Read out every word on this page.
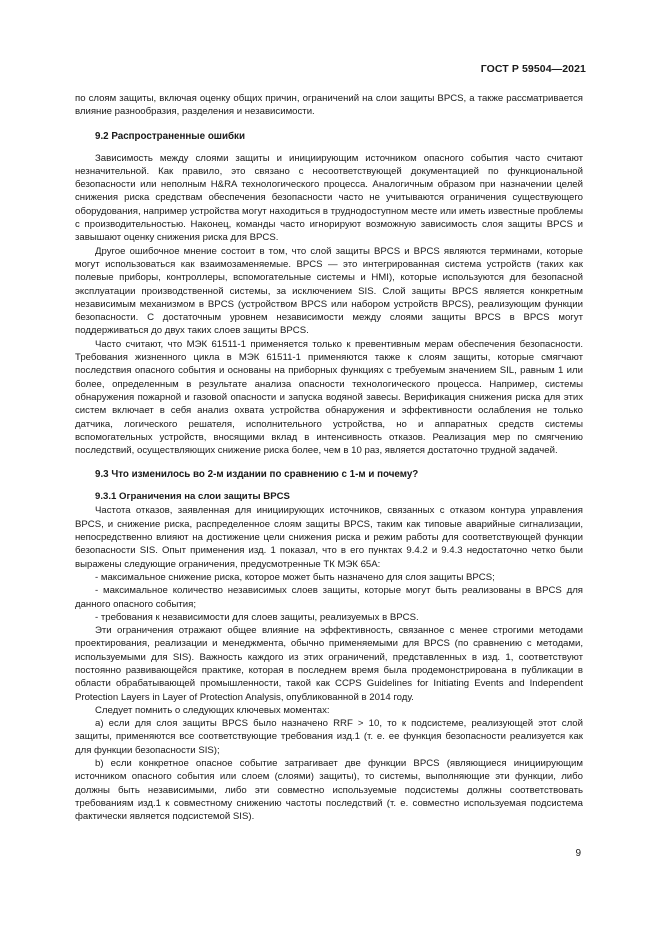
ГОСТ Р 59504—2021

по слоям защиты, включая оценку общих причин, ограничений на слои защиты BPCS, а также рассматривается влияние разнообразия, разделения и независимости.

9.2 Распространенные ошибки

Зависимость между слоями защиты и инициирующим источником опасного события часто считают незначительной. Как правило, это связано с несоответствующей документацией по функциональной безопасности или неполным H&RA технологического процесса. Аналогичным образом при назначении целей снижения риска средствам обеспечения безопасности часто не учитываются ограничения существующего оборудования, например устройства могут находиться в труднодоступном месте или иметь известные проблемы с производительностью. Наконец, команды часто игнорируют возможную зависимость слоя защиты BPCS и завышают оценку снижения риска для BPCS.

Другое ошибочное мнение состоит в том, что слой защиты BPCS и BPCS являются терминами, которые могут использоваться как взаимозаменяемые. BPCS — это интегрированная система устройств (таких как полевые приборы, контроллеры, вспомогательные системы и HMI), которые используются для безопасной эксплуатации производственной системы, за исключением SIS. Слой защиты BPCS является конкретным независимым механизмом в BPCS (устройством BPCS или набором устройств BPCS), реализующим функции безопасности. С достаточным уровнем независимости между слоями защиты BPCS в BPCS могут поддерживаться до двух таких слоев защиты BPCS.

Часто считают, что МЭК 61511-1 применяется только к превентивным мерам обеспечения безопасности. Требования жизненного цикла в МЭК 61511-1 применяются также к слоям защиты, которые смягчают последствия опасного события и основаны на приборных функциях с требуемым значением SIL, равным 1 или более, определенным в результате анализа опасности технологического процесса. Например, системы обнаружения пожарной и газовой опасности и запуска водяной завесы. Верификация снижения риска для этих систем включает в себя анализ охвата устройства обнаружения и эффективности ослабления не только датчика, логического решателя, исполнительного устройства, но и аппаратных средств системы вспомогательных устройств, вносящими вклад в интенсивность отказов. Реализация мер по смягчению последствий, осуществляющих снижение риска более, чем в 10 раз, является достаточно трудной задачей.

9.3 Что изменилось во 2-м издании по сравнению с 1-м и почему?
9.3.1 Ограничения на слои защиты BPCS

Частота отказов, заявленная для инициирующих источников, связанных с отказом контура управления BPCS, и снижение риска, распределенное слоям защиты BPCS, таким как типовые аварийные сигнализации, непосредственно влияют на достижение цели снижения риска и режим работы для соответствующей функции безопасности SIS. Опыт применения изд. 1 показал, что в его пунктах 9.4.2 и 9.4.3 недостаточно четко были выражены следующие ограничения, предусмотренные ТК МЭК 65А:

- максимальное снижение риска, которое может быть назначено для слоя защиты BPCS;

- максимальное количество независимых слоев защиты, которые могут быть реализованы в BPCS для данного опасного события;

- требования к независимости для слоев защиты, реализуемых в BPCS.

Эти ограничения отражают общее влияние на эффективность, связанное с менее строгими методами проектирования, реализации и менеджмента, обычно применяемыми для BPCS (по сравнению с методами, используемыми для SIS). Важность каждого из этих ограничений, представленных в изд. 1, соответствуют постоянно развивающейся практике, которая в последнем время была продемонстрирована в публикации в области обрабатывающей промышленности, такой как CCPS Guidelines for Initiating Events and Independent Protection Layers in Layer of Protection Analysis, опубликованной в 2014 году.

Следует помнить о следующих ключевых моментах:

а) если для слоя защиты BPCS было назначено RRF > 10, то к подсистеме, реализующей этот слой защиты, применяются все соответствующие требования изд.1 (т. е. ее функция безопасности реализуется как для функции безопасности SIS);

b) если конкретное опасное событие затрагивает две функции BPCS (являющиеся инициирующим источником опасного события или слоем (слоями) защиты), то системы, выполняющие эти функции, либо должны быть независимыми, либо эти совместно используемые подсистемы должны соответствовать требованиям изд.1 к совместному снижению частоты последствий (т. е. совместно используемая подсистема фактически является подсистемой SIS).

9
